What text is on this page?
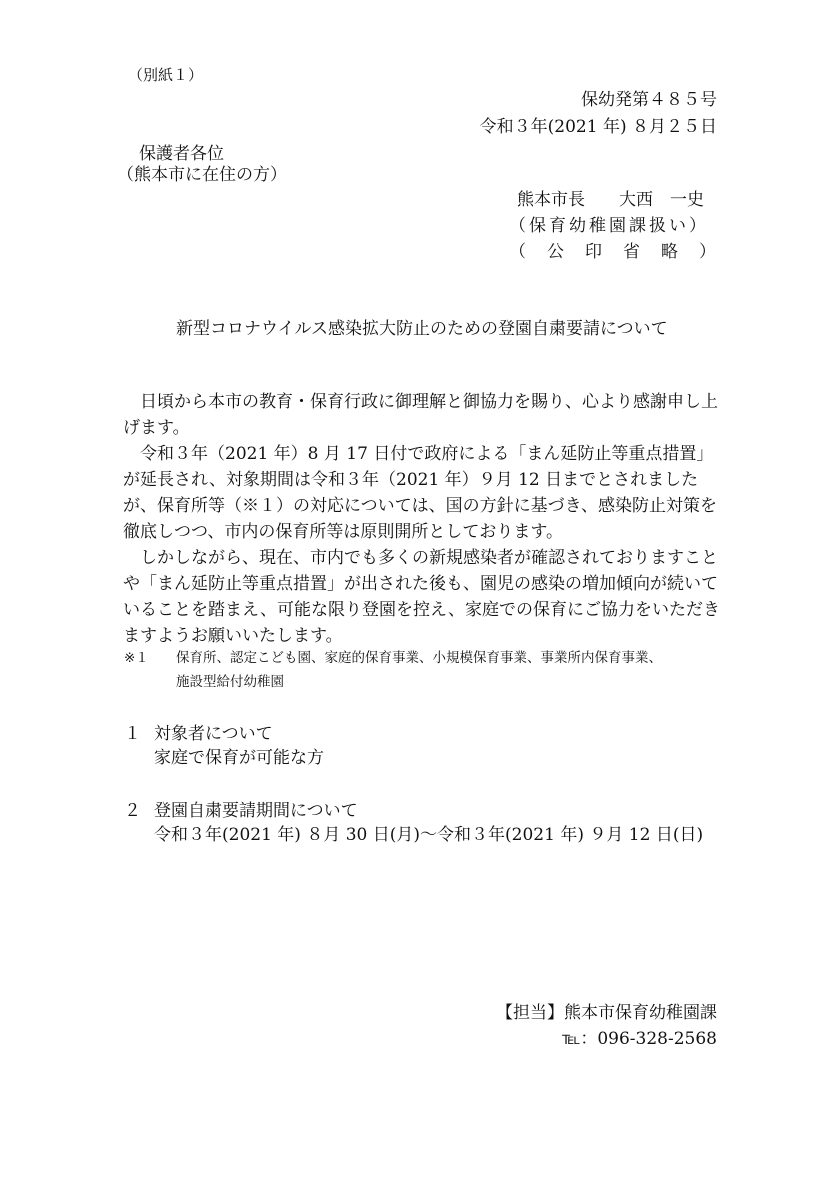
（別紙１）
保幼発第４８５号
令和３年(2021 年) ８月２５日
保護者各位
（熊本市に在住の方）
熊本市長　　大西　一史
（保育幼稚園課扱い）
（　公　印　省　略　）
新型コロナウイルス感染拡大防止のための登園自粛要請について
日頃から本市の教育・保育行政に御理解と御協力を賜り、心より感謝申し上げます。
令和３年（2021 年）8 月 17 日付で政府による「まん延防止等重点措置」が延長され、対象期間は令和３年（2021 年）９月 12 日までとされましたが、保育所等（※１）の対応については、国の方針に基づき、感染防止対策を徹底しつつ、市内の保育所等は原則開所としております。
しかしながら、現在、市内でも多くの新規感染者が確認されておりますことや「まん延防止等重点措置」が出された後も、園児の感染の増加傾向が続いていることを踏まえ、可能な限り登園を控え、家庭での保育にご協力をいただきますようお願いいたします。
※１ 保育所、認定こども園、家庭的保育事業、小規模保育事業、事業所内保育事業、
施設型給付幼稚園
１ 対象者について
家庭で保育が可能な方
２ 登園自粛要請期間について
令和３年(2021 年) ８月 30 日(月)～令和３年(2021 年) ９月 12 日(日)
【担当】熊本市保育幼稚園課
℡：096-328-2568
